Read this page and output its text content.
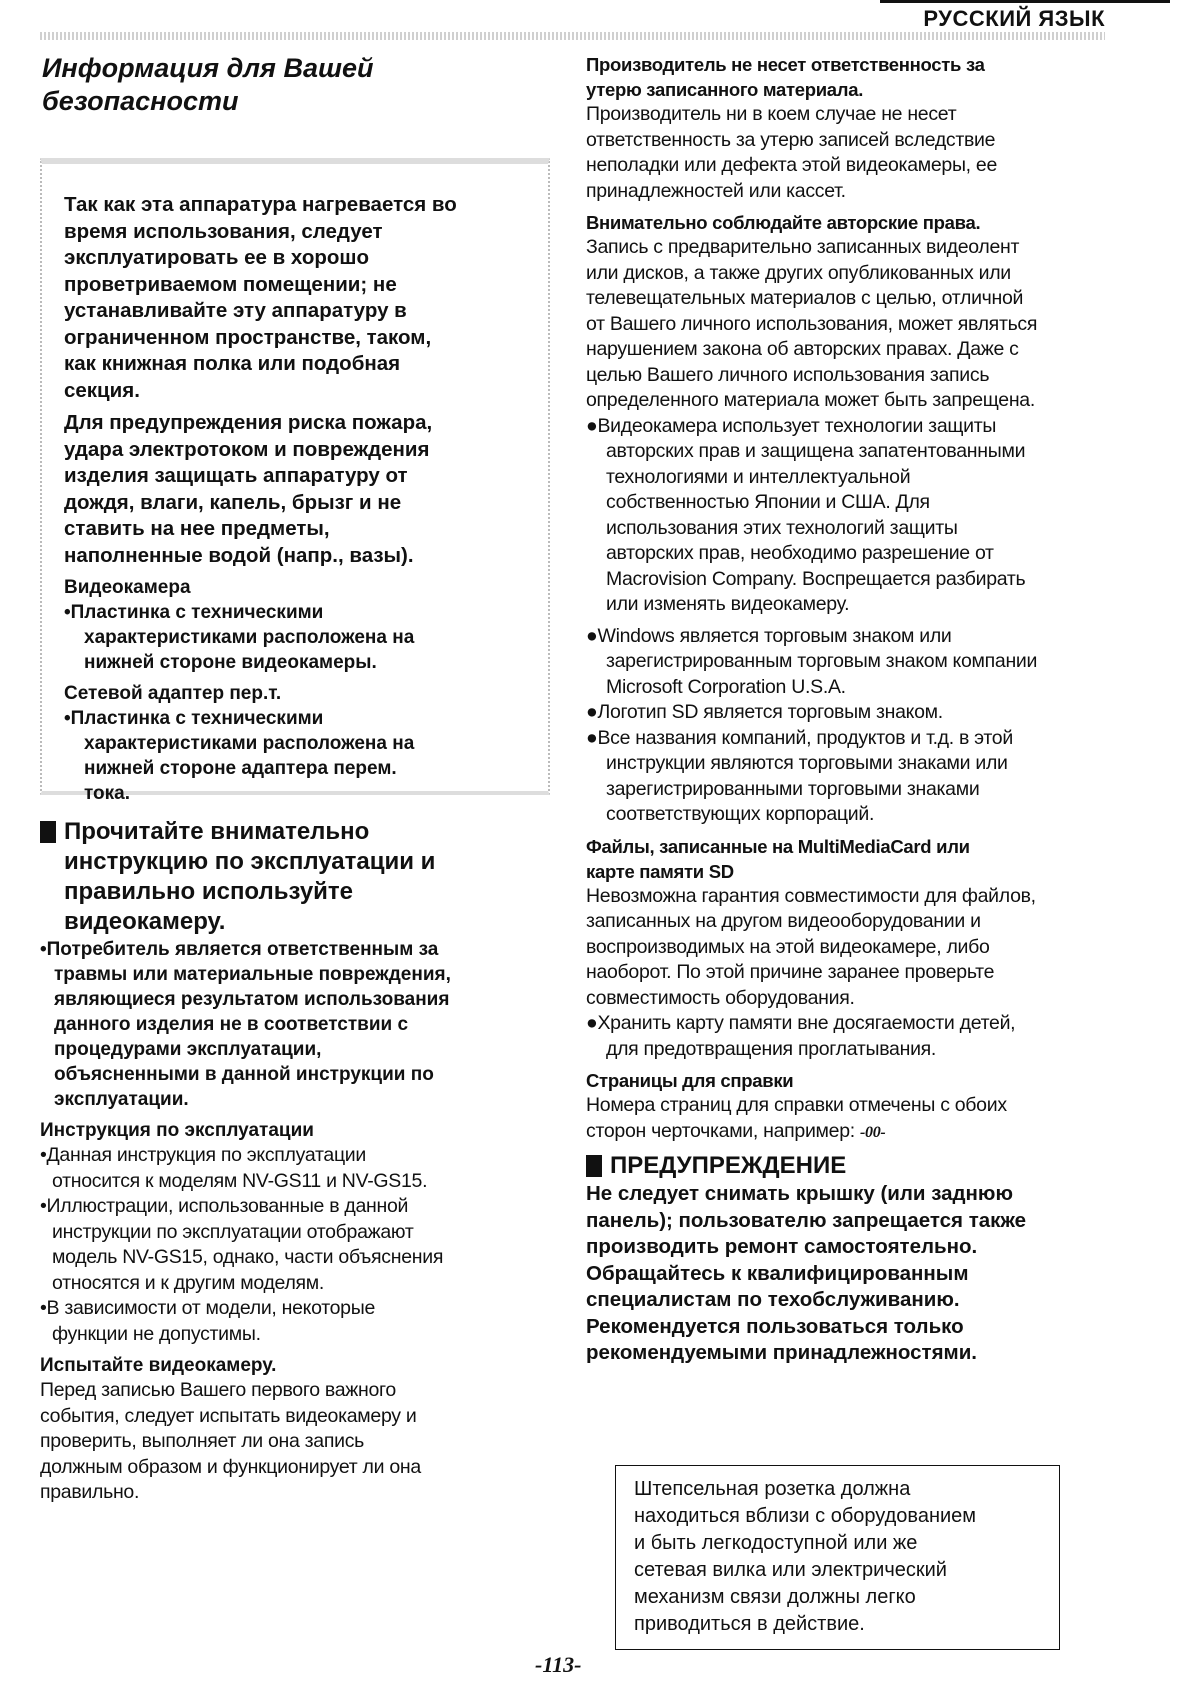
РУССКИЙ ЯЗЫК

Информация для Вашей
безопасности

Так как эта аппаратура нагревается во
время использования, следует
эксплуатировать ее в хорошо
проветриваемом помещении; не
устанавливайте эту аппаратуру в
ограниченном пространстве, таком,
как книжная полка или подобная
секция.

Для предупреждения риска пожара,
удара электротоком и повреждения
изделия защищать аппаратуру от
дождя, влаги, капель, брызг и не
ставить на нее предметы,
наполненные водой (напр., вазы).

Видеокамера

•Пластинка с техническими
характеристиками расположена на
нижней стороне видеокамеры.

Сетевой адаптер пер.т.

•Пластинка с техническими
характеристиками расположена на
нижней стороне адаптера перем.
тока.

Прочитайте внимательно
инструкцию по эксплуатации и
правильно используйте
видеокамеру.

•Потребитель является ответственным за
травмы или материальные повреждения,
являющиеся результатом использования
данного изделия не в соответствии с
процедурами эксплуатации,
объясненными в данной инструкции по
эксплуатации.

Инструкция по эксплуатации

•Данная инструкция по эксплуатации
относится к моделям NV-GS11 и NV-GS15.

•Иллюстрации, использованные в данной
инструкции по эксплуатации отображают
модель NV-GS15, однако, части объяснения
относятся и к другим моделям.

•В зависимости от модели, некоторые
функции не допустимы.

Испытайте видеокамеру.

Перед записью Вашего первого важного
события, следует испытать видеокамеру и
проверить, выполняет ли она запись
должным образом и функционирует ли она
правильно.

Производитель не несет ответственность за
утерю записанного материала.

Производитель ни в коем случае не несет
ответственность за утерю записей вследствие
неполадки или дефекта этой видеокамеры, ее
принадлежностей или кассет.

Внимательно соблюдайте авторские права.

Запись с предварительно записанных видеолент
или дисков, а также других опубликованных или
телевещательных материалов с целью, отличной
от Вашего личного использования, может являться
нарушением закона об авторских правах. Даже с
целью Вашего личного использования запись
определенного материала может быть запрещена.

●Видеокамера использует технологии защиты
авторских прав и защищена запатентованными
технологиями и интеллектуальной
собственностью Японии и США. Для
использования этих технологий защиты
авторских прав, необходимо разрешение от
Macrovision Company. Воспрещается разбирать
или изменять видеокамеру.

●Windows является торговым знаком или
зарегистрированным торговым знаком компании
Microsoft Corporation U.S.A.

●Логотип SD является торговым знаком.

●Все названия компаний, продуктов и т.д. в этой
инструкции являются торговыми знаками или
зарегистрированными торговыми знаками
соответствующих корпораций.

Файлы, записанные на MultiMediaCard или
карте памяти SD

Невозможна гарантия совместимости для файлов,
записанных на другом видеооборудовании и
воспроизводимых на этой видеокамере, либо
наоборот. По этой причине заранее проверьте
совместимость оборудования.

●Хранить карту памяти вне досягаемости детей,
для предотвращения проглатывания.

Страницы для справки

Номера страниц для справки отмечены с обоих
сторон черточками, например: -00-

ПРЕДУПРЕЖДЕНИЕ

Не следует снимать крышку (или заднюю
панель); пользователю запрещается также
производить ремонт самостоятельно.
Обращайтесь к квалифицированным
специалистам по техобслуживанию.
Рекомендуется пользоваться только
рекомендуемыми принадлежностями.

Штепсельная розетка должна
находиться вблизи с оборудованием
и быть легкодоступной или же
сетевая вилка или электрический
механизм связи должны легко
приводиться в действие.

-113-
